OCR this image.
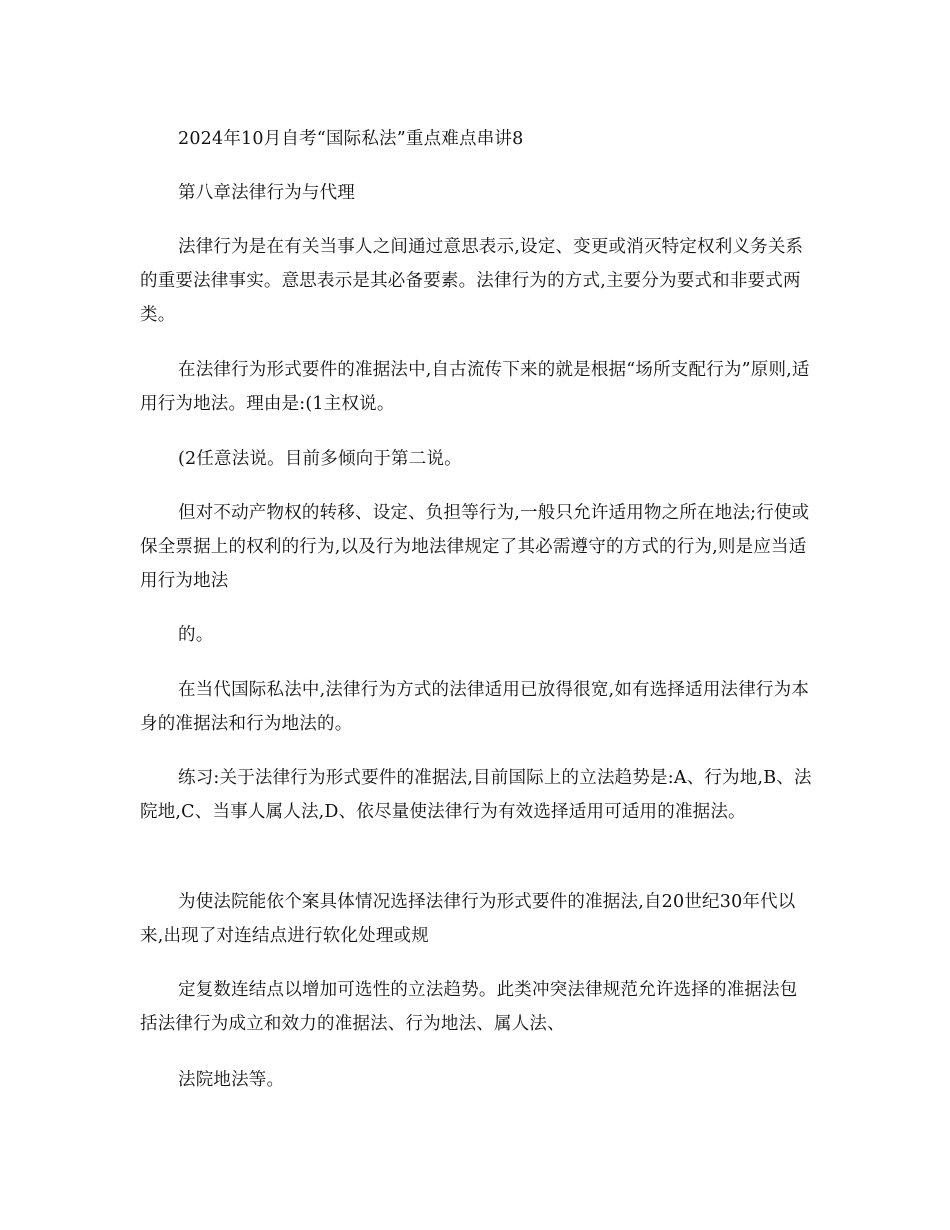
2024年10月自考“国际私法”重点难点串讲8

第八章法律行为与代理

法律行为是在有关当事人之间通过意思表示,设定、变更或消灭特定权利义务关系的重要法律事实。意思表示是其必备要素。法律行为的方式,主要分为要式和非要式两类。

在法律行为形式要件的准据法中,自古流传下来的就是根据“场所支配行为”原则,适用行为地法。理由是:(1主权说。

(2任意法说。目前多倾向于第二说。

但对不动产物权的转移、设定、负担等行为,一般只允许适用物之所在地法;行使或保全票据上的权利的行为,以及行为地法律规定了其必需遵守的方式的行为,则是应当适用行为地法

的。

在当代国际私法中,法律行为方式的法律适用已放得很宽,如有选择适用法律行为本身的准据法和行为地法的。

练习:关于法律行为形式要件的准据法,目前国际上的立法趋势是:A、行为地,B、法院地,C、当事人属人法,D、依尽量使法律行为有效选择适用可适用的准据法。

为使法院能依个案具体情况选择法律行为形式要件的准据法,自20世纪30年代以来,出现了对连结点进行软化处理或规

定复数连结点以增加可选性的立法趋势。此类冲突法律规范允许选择的准据法包括法律行为成立和效力的准据法、行为地法、属人法、

法院地法等。
